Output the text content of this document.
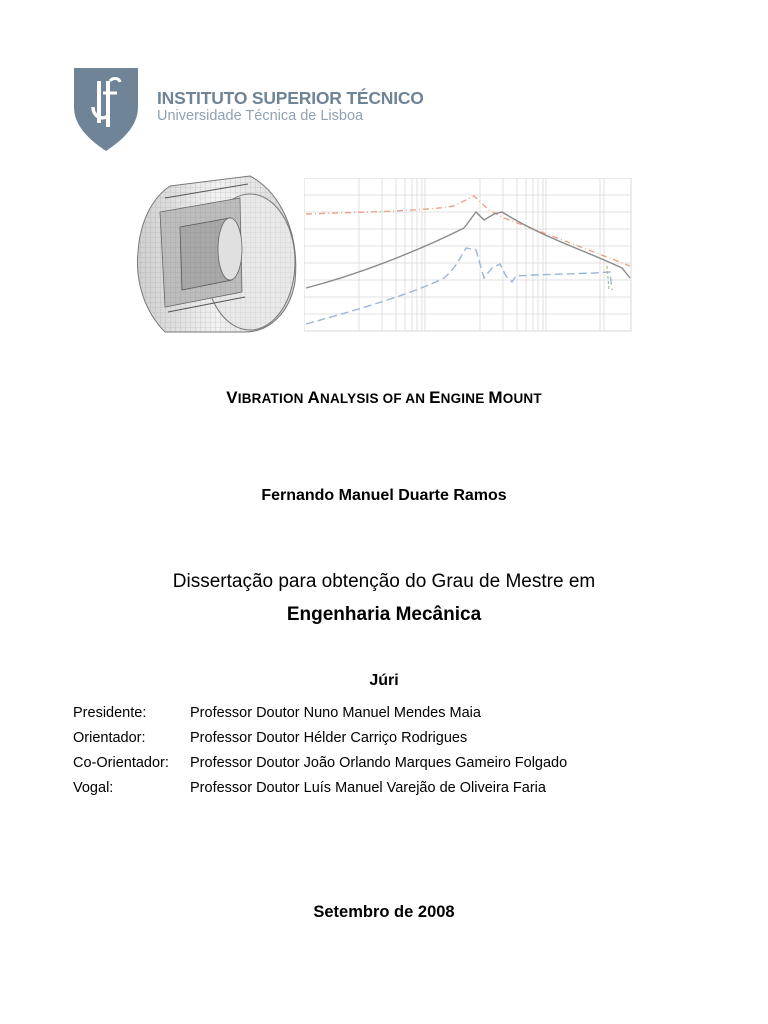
INSTITUTO SUPERIOR TÉCNICO
Universidade Técnica de Lisboa
VIBRATION ANALYSIS OF AN ENGINE MOUNT
Fernando Manuel Duarte Ramos
Dissertação para obtenção do Grau de Mestre em
Engenharia Mecânica
Júri
Presidente:	Professor Doutor Nuno Manuel Mendes Maia
Orientador:	Professor Doutor Hélder Carriço Rodrigues
Co-Orientador:	Professor Doutor João Orlando Marques Gameiro Folgado
Vogal:	Professor Doutor Luís Manuel Varejão de Oliveira Faria
Setembro de 2008
